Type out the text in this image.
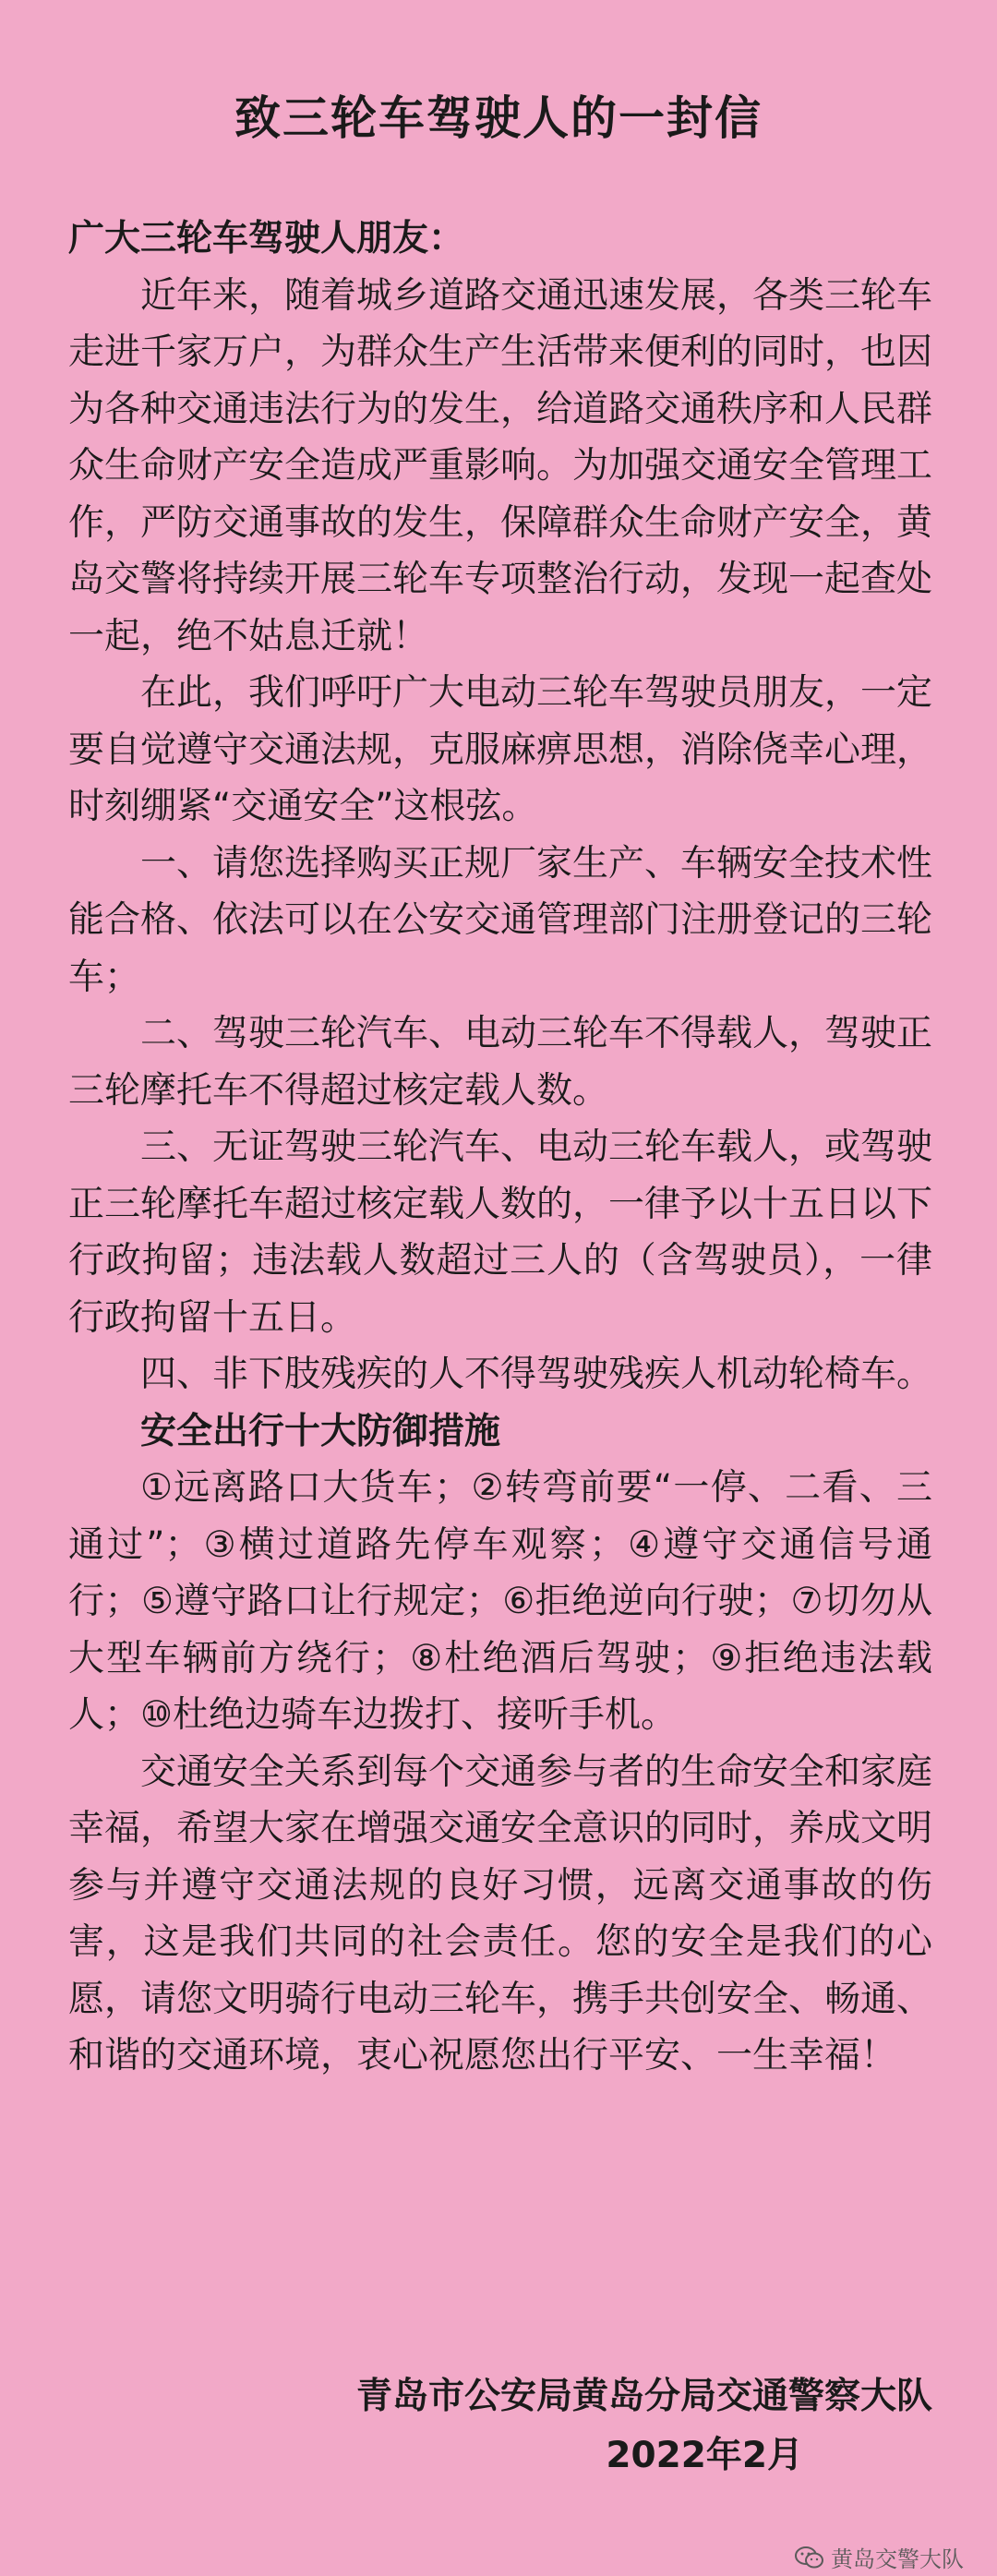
致三轮车驾驶人的一封信
广大三轮车驾驶人朋友：

近年来，随着城乡道路交通迅速发展，各类三轮车走进千家万户，为群众生产生活带来便利的同时，也因为各种交通违法行为的发生，给道路交通秩序和人民群众生命财产安全造成严重影响。为加强交通安全管理工作，严防交通事故的发生，保障群众生命财产安全，黄岛交警将持续开展三轮车专项整治行动，发现一起查处一起，绝不姑息迁就！

在此，我们呼吁广大电动三轮车驾驶员朋友，一定要自觉遵守交通法规，克服麻痹思想，消除侥幸心理，时刻绷紧“交通安全”这根弦。

一、请您选择购买正规厂家生产、车辆安全技术性能合格、依法可以在公安交通管理部门注册登记的三轮车；

二、驾驶三轮汽车、电动三轮车不得载人，驾驶正三轮摩托车不得超过核定载人数。

三、无证驾驶三轮汽车、电动三轮车载人，或驾驶正三轮摩托车超过核定载人数的，一律予以十五日以下行政拘留；违法载人数超过三人的（含驾驶员），一律行政拘留十五日。

四、非下肢残疾的人不得驾驶残疾人机动轮椅车。

安全出行十大防御措施

①远离路口大货车；②转弯前要“一停、二看、三通过”；③横过道路先停车观察；④遵守交通信号通行；⑤遵守路口让行规定；⑥拒绝逆向行驶；⑦切勿从大型车辆前方绕行；⑧杜绝酒后驾驶；⑨拒绝违法载人；⑩杜绝边骑车边拨打、接听手机。

交通安全关系到每个交通参与者的生命安全和家庭幸福，希望大家在增强交通安全意识的同时，养成文明参与并遵守交通法规的良好习惯，远离交通事故的伤害，这是我们共同的社会责任。您的安全是我们的心愿，请您文明骑行电动三轮车，携手共创安全、畅通、和谐的交通环境，衷心祝愿您出行平安、一生幸福！

青岛市公安局黄岛分局交通警察大队
2022年2月
黄岛交警大队
